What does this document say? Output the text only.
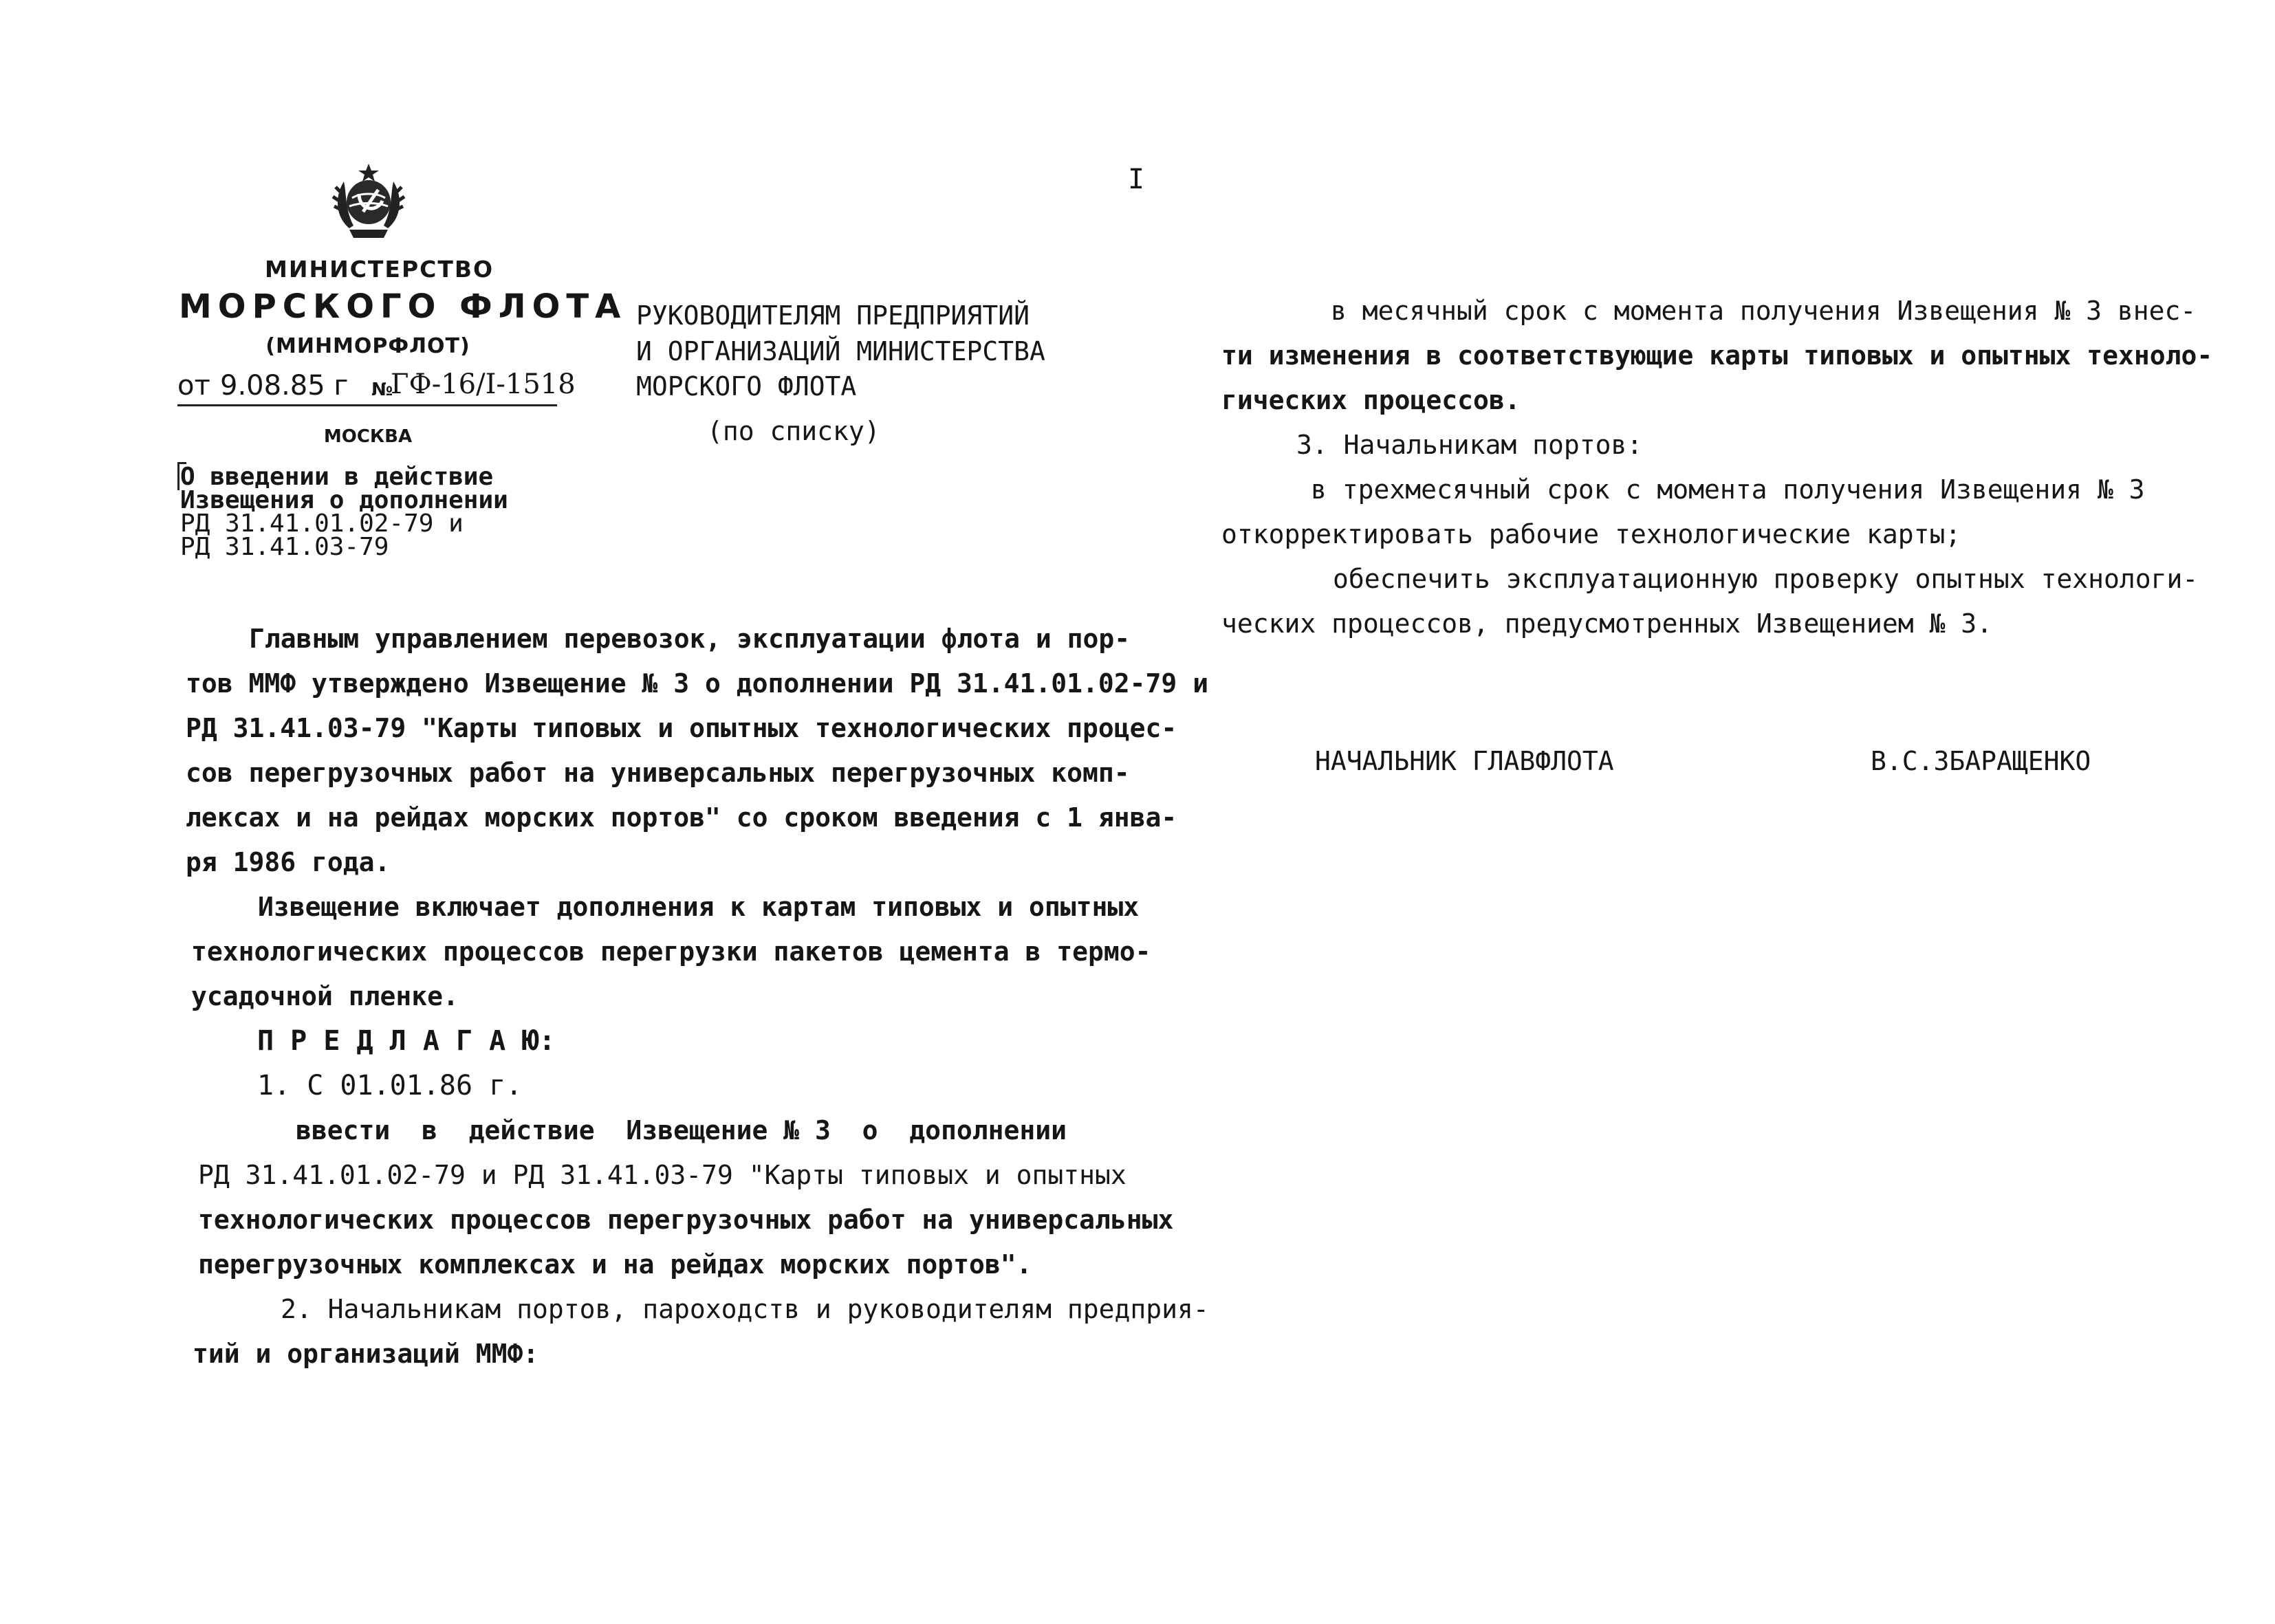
I
МИНИСТЕРСТВО
МОРСКОГО ФЛОТА
(МИНМОРФЛОТ)
от 9.08.85 г №
ГФ-16/I-1518
МОСКВА
О введении в действие
Извещения о дополнении
РД 31.41.01.02-79 и
РД 31.41.03-79
РУКОВОДИТЕЛЯМ ПРЕДПРИЯТИЙ
И ОРГАНИЗАЦИЙ МИНИСТЕРСТВА
МОРСКОГО ФЛОТА
(по списку)
Главным управлением перевозок, эксплуатации флота и пор-
тов ММФ утверждено Извещение № 3 о дополнении РД 31.41.01.02-79 и
РД 31.41.03-79 "Карты типовых и опытных технологических процес-
сов перегрузочных работ на универсальных перегрузочных комп-
лексах и на рейдах морских портов" со сроком введения с 1 янва-
ря 1986 года.
Извещение включает дополнения к картам типовых и опытных
технологических процессов перегрузки пакетов цемента в термо-
усадочной пленке.
П Р Е Д Л А Г А Ю:
1. С 01.01.86 г.
ввести  в  действие  Извещение № 3  о  дополнении
РД 31.41.01.02-79 и РД 31.41.03-79 "Карты типовых и опытных
технологических процессов перегрузочных работ на универсальных
перегрузочных комплексах и на рейдах морских портов".
2. Начальникам портов, пароходств и руководителям предприя-
тий и организаций ММФ:
в месячный срок с момента получения Извещения № 3 внес-
ти изменения в соответствующие карты типовых и опытных техноло-
гических процессов.
3. Начальникам портов:
в трехмесячный срок с момента получения Извещения № 3
откорректировать рабочие технологические карты;
обеспечить эксплуатационную проверку опытных технологи-
ческих процессов, предусмотренных Извещением № 3.
НАЧАЛЬНИК ГЛАВФЛОТА	В.С.ЗБАРАЩЕНКО
